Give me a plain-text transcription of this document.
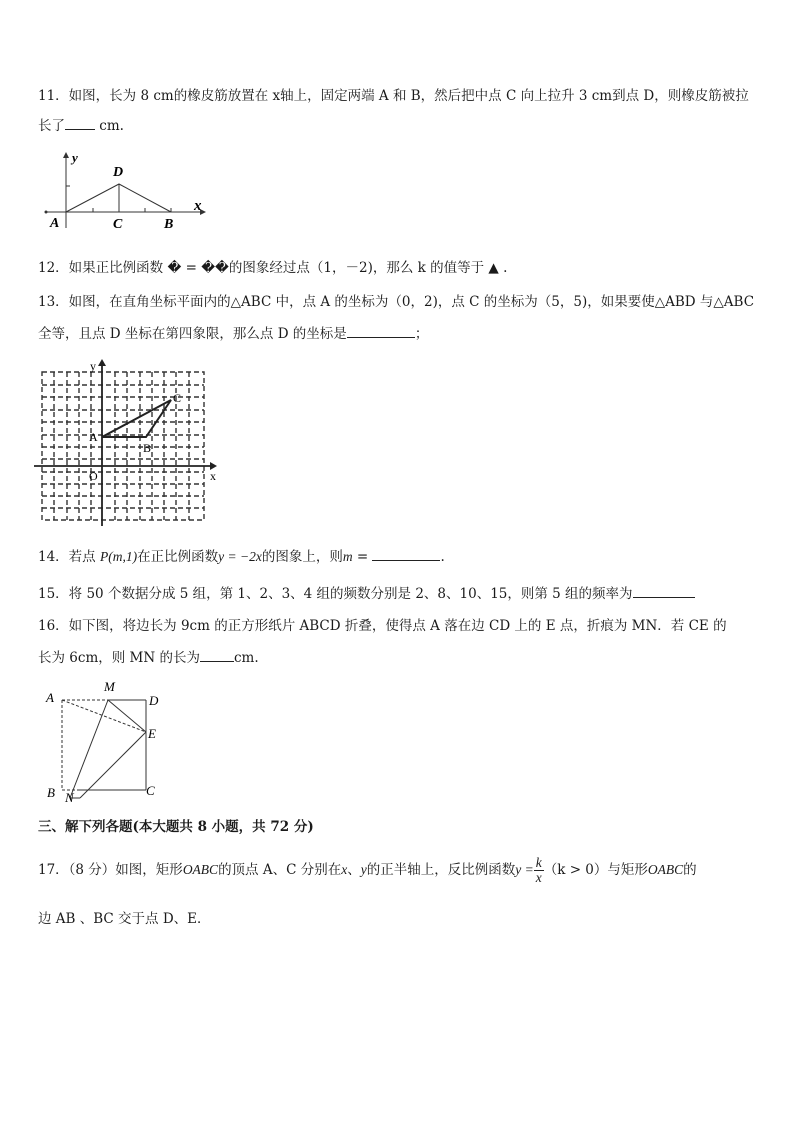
11．如图，长为 8 cm的橡皮筋放置在 x轴上，固定两端 A 和 B，然后把中点 C 向上拉升 3 cm到点 D，则橡皮筋被拉
长了	cm.
y
x
D
A	C	B
12．如果正比例函数 � = ��的图象经过点（1，－2)，那么 k 的值等于 ▲ .
13．如图，在直角坐标平面内的△ABC 中，点 A 的坐标为（0，2)，点 C 的坐标为（5，5)，如果要使△ABD 与△ABC
全等，且点 D 坐标在第四象限，那么点 D 的坐标是	；
y
x
O
A
B
C
14．若点 P(m,1)在正比例函数y = −2x的图象上，则m =	.
15．将 50 个数据分成 5 组，第 1、2、3、4 组的频数分别是 2、8、10、15，则第 5 组的频率为
16．如下图，将边长为 9cm 的正方形纸片 ABCD 折叠，使得点 A 落在边 CD 上的 E 点，折痕为 MN．若 CE 的
长为 6cm，则 MN 的长为	cm.
A
M
D
E
B N	C
三、解下列各题(本大题共 8 小题，共 72 分)
17．（8 分）如图，矩形OABC的顶点 A、C 分别在x、y的正半轴上，反比例函数$y = \frac{k}{x} (k > 0)$与矩形OABC的
边 AB 、BC 交于点 D、E．
